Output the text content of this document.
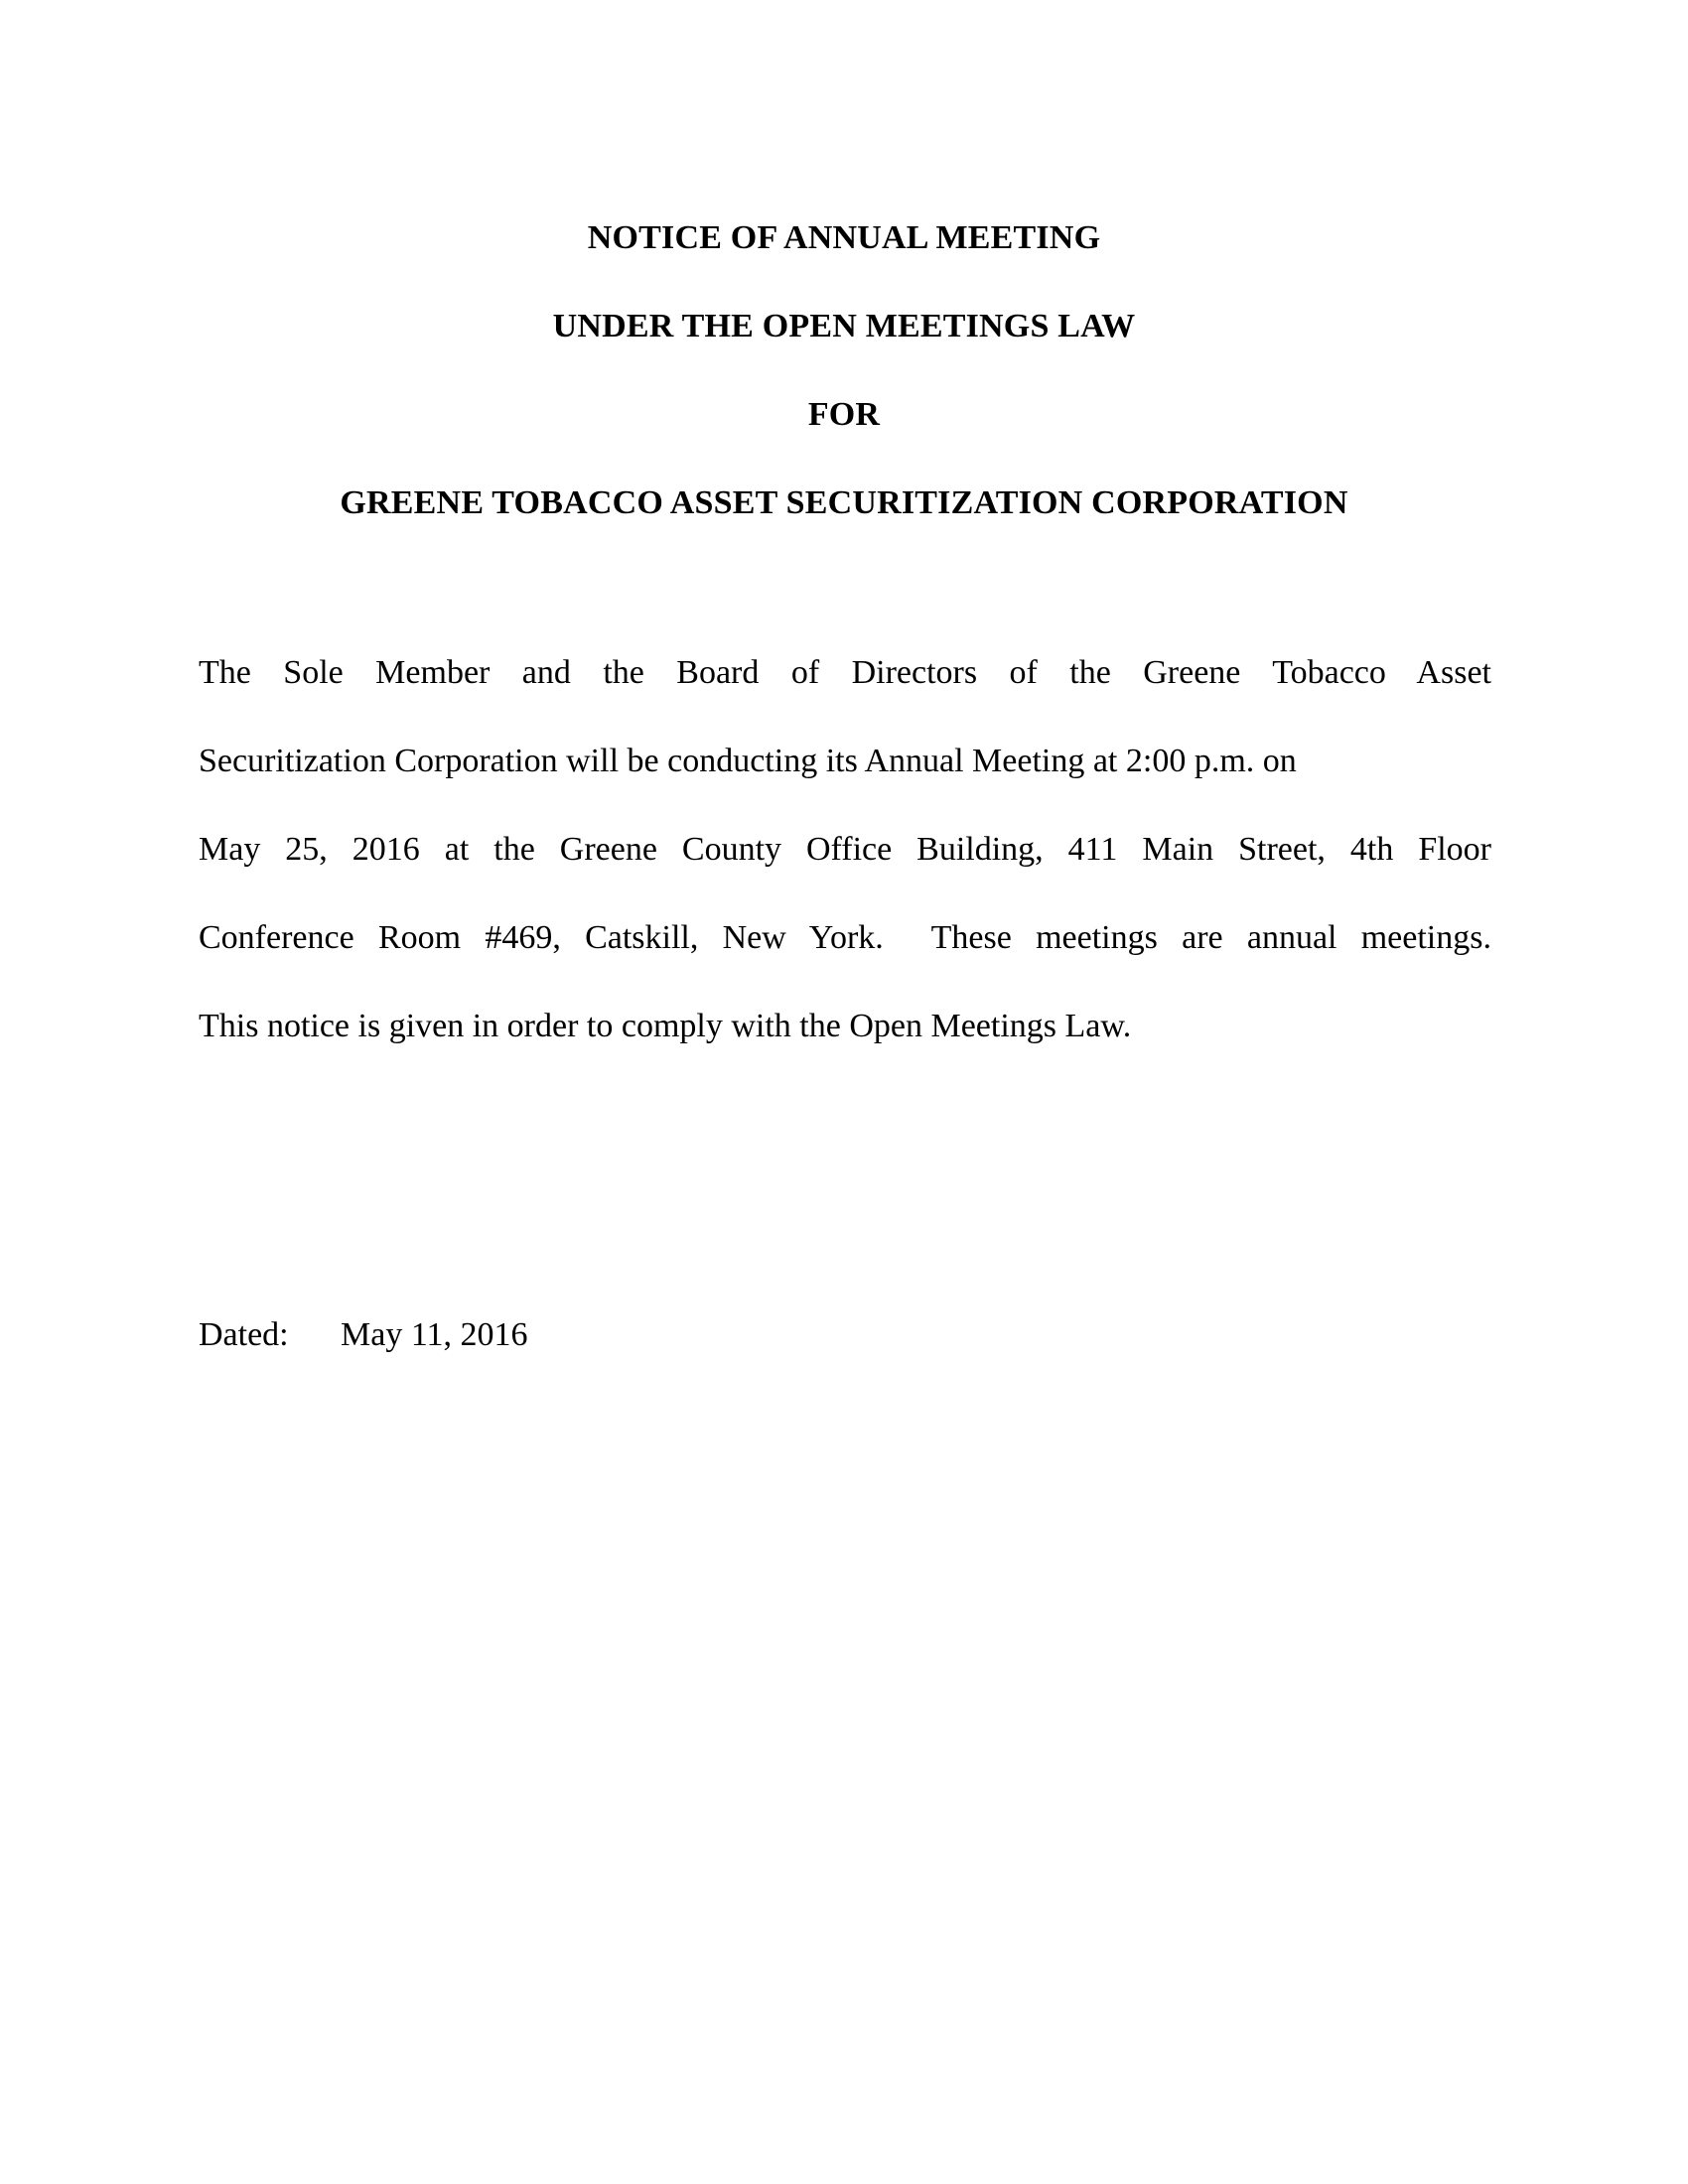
NOTICE OF ANNUAL MEETING
UNDER THE OPEN MEETINGS LAW
FOR
GREENE TOBACCO ASSET SECURITIZATION CORPORATION
The Sole Member and the Board of Directors of the Greene Tobacco Asset
Securitization Corporation will be conducting its Annual Meeting at 2:00 p.m. on
May 25, 2016 at the Greene County Office Building, 411 Main Street, 4th Floor
Conference Room #469, Catskill, New York.  These meetings are annual meetings.
This notice is given in order to comply with the Open Meetings Law.
Dated: May 11, 2016
